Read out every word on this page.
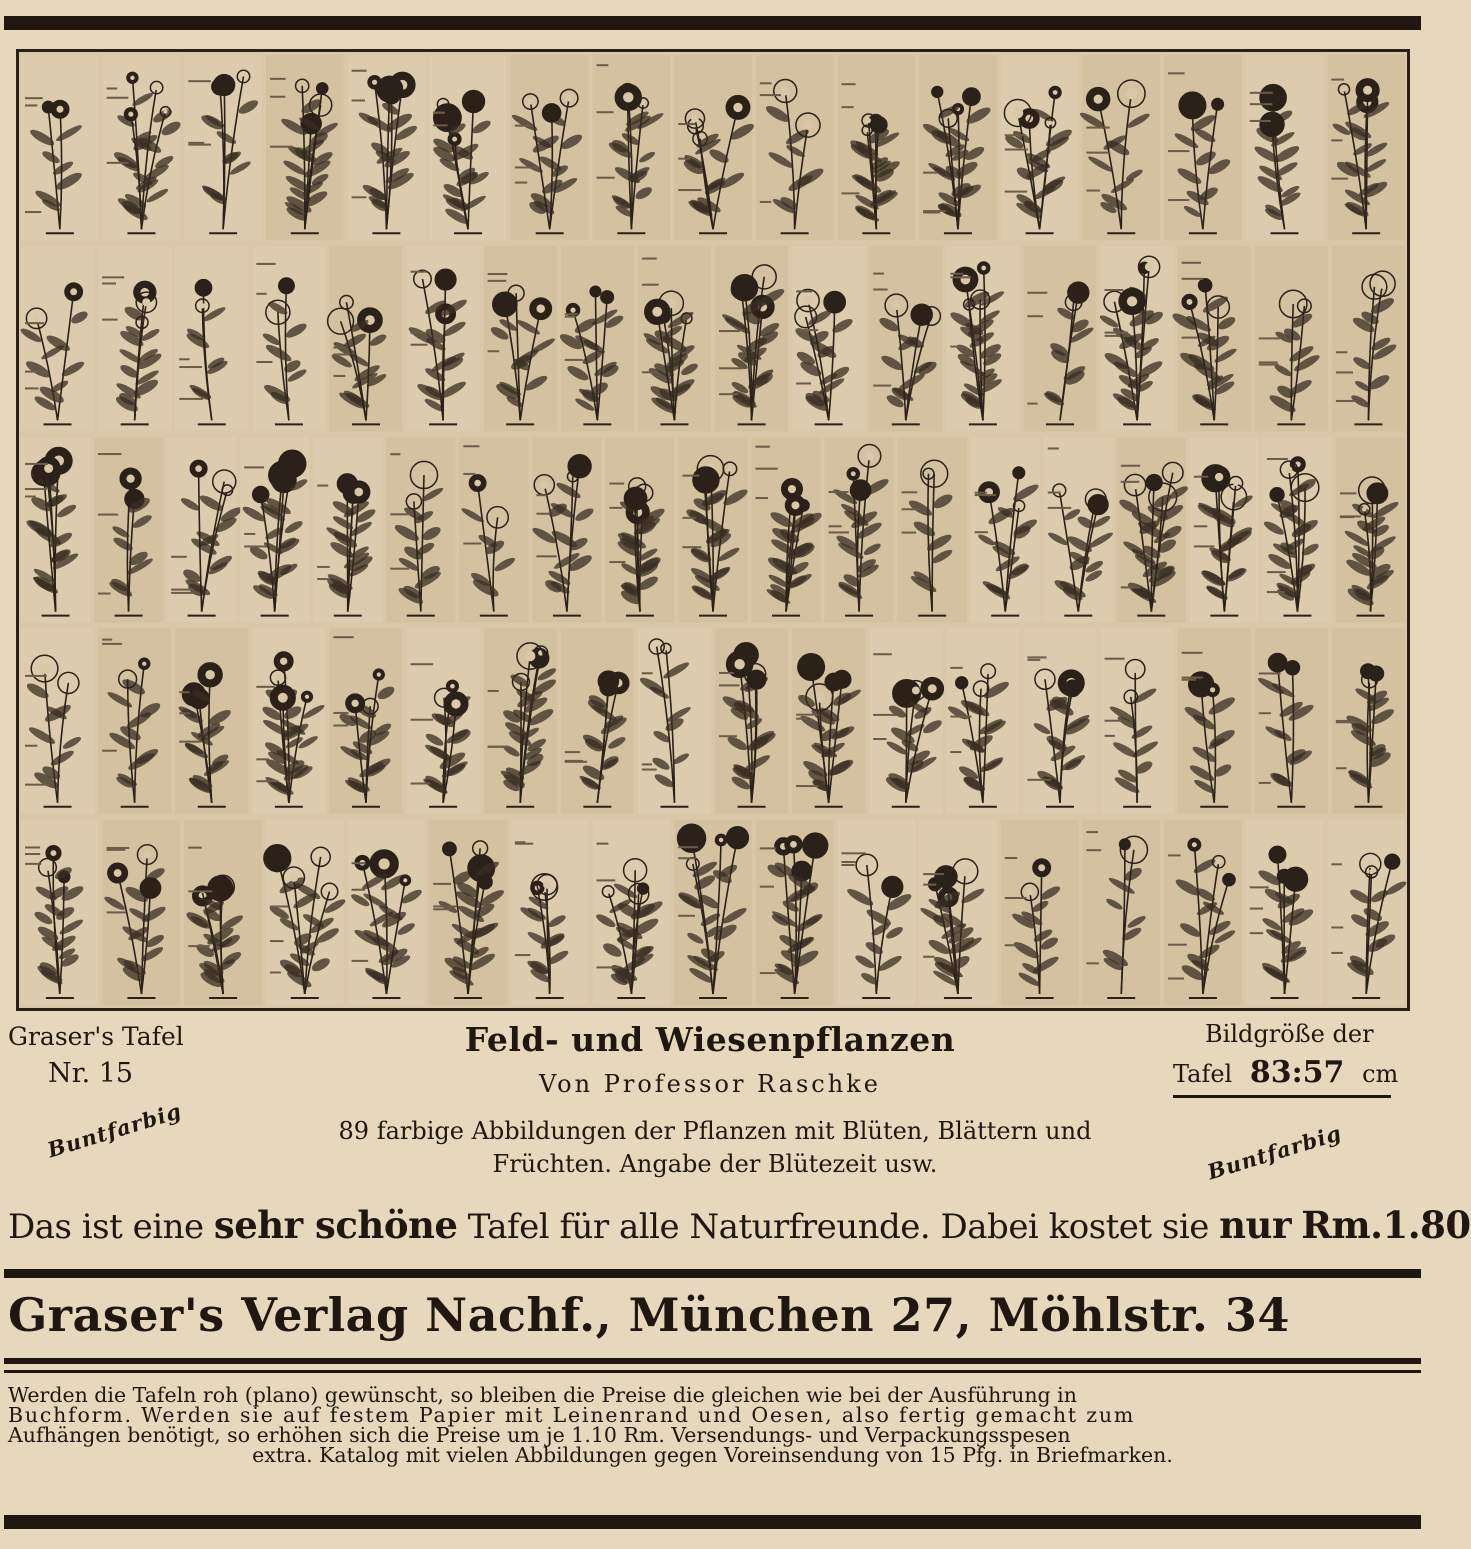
Graser's Tafel
Nr. 15
Feld- und Wiesenpflanzen
Von Professor Raschke
89 farbige Abbildungen der Pflanzen mit Blüten, Blättern und
Früchten. Angabe der Blütezeit usw.
Bildgröße der
Tafel 83:57 cm
Buntfarbig	Buntfarbig
Das ist eine sehr schöne Tafel für alle Naturfreunde. Dabei kostet sie nur Rm.1.80
Graser's Verlag Nachf., München 27, Möhlstr. 34
Werden die Tafeln roh (plano) gewünscht, so bleiben die Preise die gleichen wie bei der Ausführung in
Buchform. Werden sie auf festem Papier mit Leinenrand und Oesen, also fertig gemacht zum
Aufhängen benötigt, so erhöhen sich die Preise um je 1.10 Rm. Versendungs- und Verpackungsspesen
extra. Katalog mit vielen Abbildungen gegen Voreinsendung von 15 Pfg. in Briefmarken.
